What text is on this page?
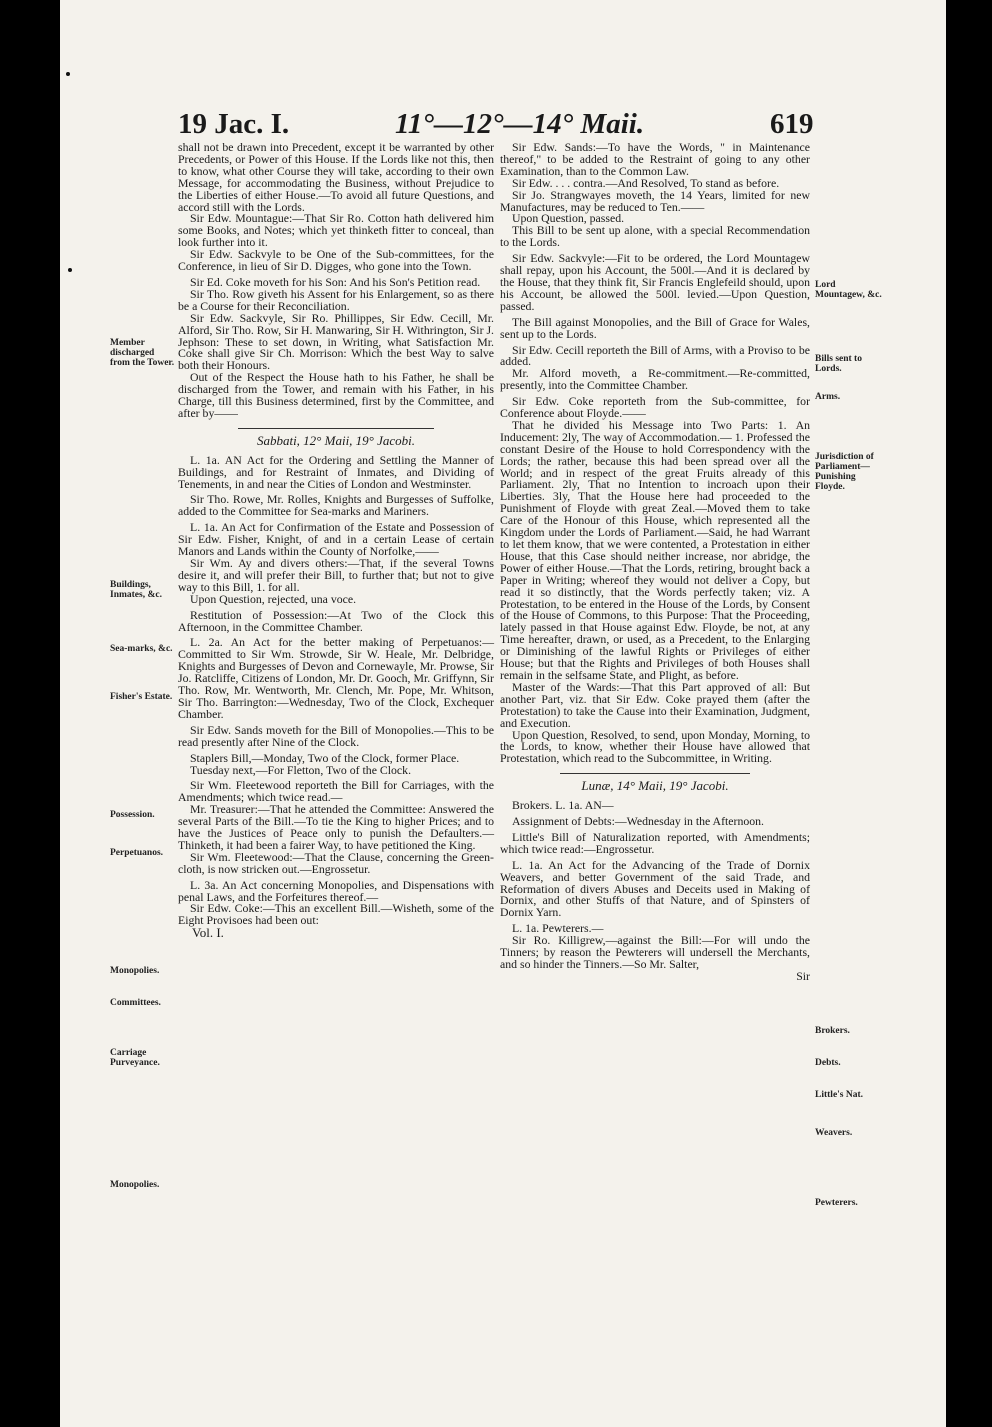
19 Jac. I.	11°—12°—14° Maii.	619
Member discharged from the Tower.
Buildings, Inmates, &c.
Sea-marks, &c.
Fisher's Estate.
Possession.
Perpetuanos.
Monopolies.
Committees.
Carriage Purveyance.
Monopolies.
Lord Mountagew, &c.
Bills sent to Lords.
Arms.
Jurisdiction of Parliament—Punishing Floyde.
Brokers.
Debts.
Little's Nat.
Weavers.
Pewterers.

shall not be drawn into Precedent, except it be warranted by other Precedents, or Power of this House. If the Lords like not this, then to know, what other Course they will take, according to their own Message, for accommodating the Business, without Prejudice to the Liberties of either House.—To avoid all future Questions, and accord still with the Lords.

Sir Edw. Mountague:—That Sir Ro. Cotton hath delivered him some Books, and Notes; which yet thinketh fitter to conceal, than look further into it.

Sir Edw. Sackvyle to be One of the Sub-committees, for the Conference, in lieu of Sir D. Digges, who gone into the Town.

Sir Ed. Coke moveth for his Son: And his Son's Petition read.

Sir Tho. Row giveth his Assent for his Enlargement, so as there be a Course for their Reconciliation.

Sir Edw. Sackvyle, Sir Ro. Phillippes, Sir Edw. Cecill, Mr. Alford, Sir Tho. Row, Sir H. Manwaring, Sir H. Withrington, Sir J. Jephson: These to set down, in Writing, what Satisfaction Mr. Coke shall give Sir Ch. Morrison: Which the best Way to salve both their Honours.

Out of the Respect the House hath to his Father, he shall be discharged from the Tower, and remain with his Father, in his Charge, till this Business determined, first by the Committee, and after by——

Sabbati, 12° Maii, 19° Jacobi.

L. 1a. AN Act for the Ordering and Settling the Manner of Buildings, and for Restraint of Inmates, and Dividing of Tenements, in and near the Cities of London and Westminster.

Sir Tho. Rowe, Mr. Rolles, Knights and Burgesses of Suffolke, added to the Committee for Sea-marks and Mariners.

L. 1a. An Act for Confirmation of the Estate and Possession of Sir Edw. Fisher, Knight, of and in a certain Lease of certain Manors and Lands within the County of Norfolke,——

Sir Wm. Ay and divers others:—That, if the several Towns desire it, and will prefer their Bill, to further that; but not to give way to this Bill, 1. for all.

Upon Question, rejected, una voce.

Restitution of Possession:—At Two of the Clock this Afternoon, in the Committee Chamber.

L. 2a. An Act for the better making of Perpetuanos:—Committed to Sir Wm. Strowde, Sir W. Heale, Mr. Delbridge, Knights and Burgesses of Devon and Cornewayle, Mr. Prowse, Sir Jo. Ratcliffe, Citizens of London, Mr. Dr. Gooch, Mr. Griffynn, Sir Tho. Row, Mr. Wentworth, Mr. Clench, Mr. Pope, Mr. Whitson, Sir Tho. Barrington:—Wednesday, Two of the Clock, Exchequer Chamber.

Sir Edw. Sands moveth for the Bill of Monopolies.—This to be read presently after Nine of the Clock.

Staplers Bill,—Monday, Two of the Clock, former Place.

Tuesday next,—For Fletton, Two of the Clock.

Sir Wm. Fleetewood reporteth the Bill for Carriages, with the Amendments; which twice read.—

Mr. Treasurer:—That he attended the Committee: Answered the several Parts of the Bill.—To tie the King to higher Prices; and to have the Justices of Peace only to punish the Defaulters.—Thinketh, it had been a fairer Way, to have petitioned the King.

Sir Wm. Fleetewood:—That the Clause, concerning the Green-cloth, is now stricken out.—Engrossetur.

L. 3a. An Act concerning Monopolies, and Dispensations with penal Laws, and the Forfeitures thereof.—

Sir Edw. Coke:—This an excellent Bill.—Wisheth, some of the Eight Provisoes had been out:

Vol. I.

Sir Edw. Sands:—To have the Words, " in Maintenance thereof," to be added to the Restraint of going to any other Examination, than to the Common Law.

Sir Edw. . . . contra.—And Resolved, To stand as before.

Sir Jo. Strangwayes moveth, the 14 Years, limited for new Manufactures, may be reduced to Ten.——

Upon Question, passed.

This Bill to be sent up alone, with a special Recommendation to the Lords.

Sir Edw. Sackvyle:—Fit to be ordered, the Lord Mountagew shall repay, upon his Account, the 500l.—And it is declared by the House, that they think fit, Sir Francis Englefeild should, upon his Account, be allowed the 500l. levied.—Upon Question, passed.

The Bill against Monopolies, and the Bill of Grace for Wales, sent up to the Lords.

Sir Edw. Cecill reporteth the Bill of Arms, with a Proviso to be added.

Mr. Alford moveth, a Re-commitment.—Re-committed, presently, into the Committee Chamber.

Sir Edw. Coke reporteth from the Sub-committee, for Conference about Floyde.——

That he divided his Message into Two Parts: 1. An Inducement: 2ly, The way of Accommodation.— 1. Professed the constant Desire of the House to hold Correspondency with the Lords; the rather, because this had been spread over all the World; and in respect of the great Fruits already of this Parliament. 2ly, That no Intention to incroach upon their Liberties. 3ly, That the House here had proceeded to the Punishment of Floyde with great Zeal.—Moved them to take Care of the Honour of this House, which represented all the Kingdom under the Lords of Parliament.—Said, he had Warrant to let them know, that we were contented, a Protestation in either House, that this Case should neither increase, nor abridge, the Power of either House.—That the Lords, retiring, brought back a Paper in Writing; whereof they would not deliver a Copy, but read it so distinctly, that the Words perfectly taken; viz. A Protestation, to be entered in the House of the Lords, by Consent of the House of Commons, to this Purpose: That the Proceeding, lately passed in that House against Edw. Floyde, be not, at any Time hereafter, drawn, or used, as a Precedent, to the Enlarging or Diminishing of the lawful Rights or Privileges of either House; but that the Rights and Privileges of both Houses shall remain in the selfsame State, and Plight, as before.

Master of the Wards:—That this Part approved of all: But another Part, viz. that Sir Edw. Coke prayed them (after the Protestation) to take the Cause into their Examination, Judgment, and Execution.

Upon Question, Resolved, to send, upon Monday, Morning, to the Lords, to know, whether their House have allowed that Protestation, which read to the Subcommittee, in Writing.

Lunæ, 14° Maii, 19° Jacobi.

Brokers. L. 1a. AN—

Assignment of Debts:—Wednesday in the Afternoon.

Little's Bill of Naturalization reported, with Amendments; which twice read:—Engrossetur.

L. 1a. An Act for the Advancing of the Trade of Dornix Weavers, and better Government of the said Trade, and Reformation of divers Abuses and Deceits used in Making of Dornix, and other Stuffs of that Nature, and of Spinsters of Dornix Yarn.

L. 1a. Pewterers.—

Sir Ro. Killigrew,—against the Bill:—For will undo the Tinners; by reason the Pewterers will undersell the Merchants, and so hinder the Tinners.—So Mr. Salter,

Sir
